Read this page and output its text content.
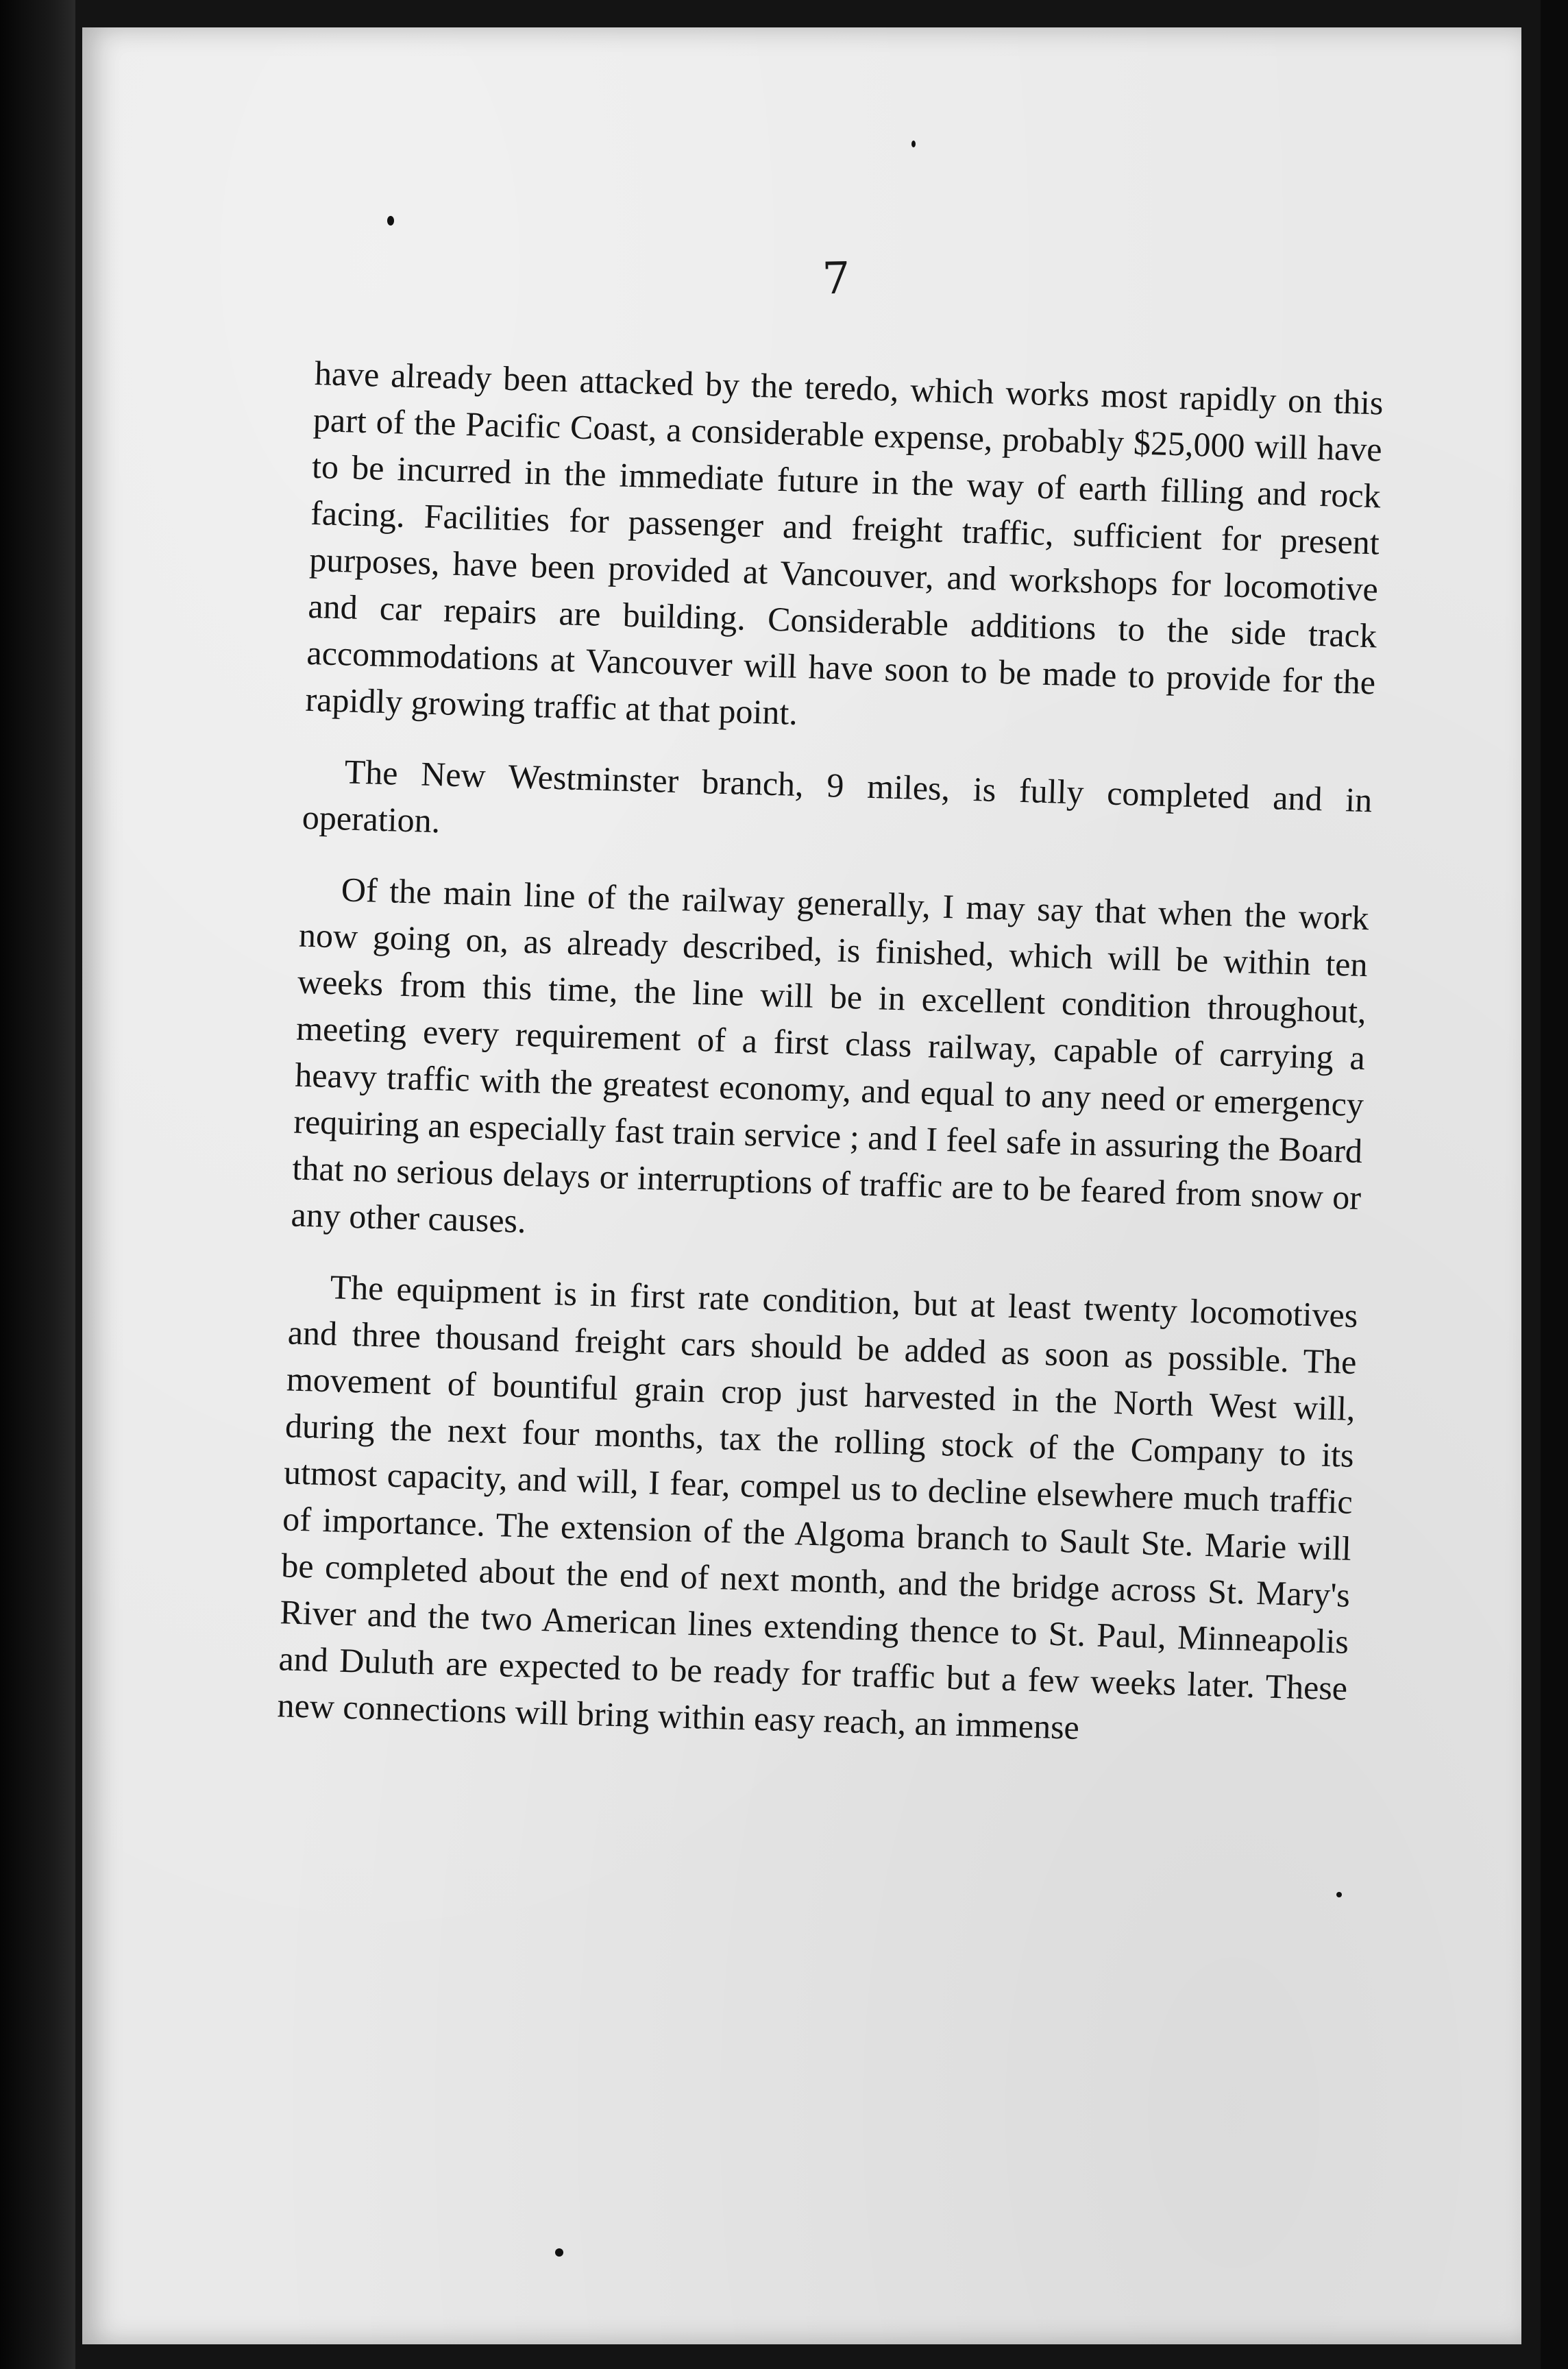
7

have already been attacked by the teredo, which works most rapidly on this part of the Pacific Coast, a considerable expense, probably $25,000 will have to be incurred in the immediate future in the way of earth filling and rock facing. Facilities for passenger and freight traffic, sufficient for present purposes, have been provided at Vancouver, and workshops for locomotive and car repairs are building. Considerable additions to the side track accommodations at Vancouver will have soon to be made to provide for the rapidly growing traffic at that point.

The New Westminster branch, 9 miles, is fully completed and in operation.

Of the main line of the railway generally, I may say that when the work now going on, as already described, is finished, which will be within ten weeks from this time, the line will be in excellent condition throughout, meeting every requirement of a first class railway, capable of carrying a heavy traffic with the greatest economy, and equal to any need or emergency requiring an especially fast train service ; and I feel safe in assuring the Board that no serious delays or interruptions of traffic are to be feared from snow or any other causes.

The equipment is in first rate condition, but at least twenty locomotives and three thousand freight cars should be added as soon as possible. The movement of bountiful grain crop just harvested in the North West will, during the next four months, tax the rolling stock of the Company to its utmost capacity, and will, I fear, compel us to decline elsewhere much traffic of importance. The extension of the Algoma branch to Sault Ste. Marie will be completed about the end of next month, and the bridge across St. Mary's River and the two American lines extending thence to St. Paul, Minneapolis and Duluth are expected to be ready for traffic but a few weeks later. These new connections will bring within easy reach, an immense
